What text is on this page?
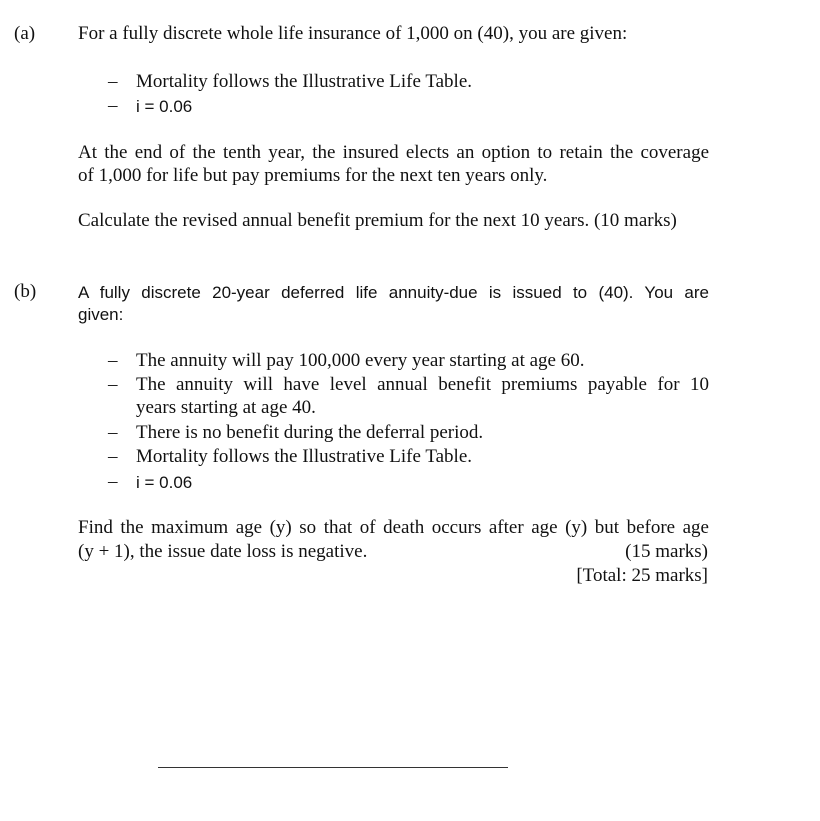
(a) For a fully discrete whole life insurance of 1,000 on (40), you are given:
– Mortality follows the Illustrative Life Table.
– i = 0.06
At the end of the tenth year, the insured elects an option to retain the coverage
of 1,000 for life but pay premiums for the next ten years only.
Calculate the revised annual benefit premium for the next 10 years. (10 marks)
(b) A fully discrete 20-year deferred life annuity-due is issued to (40). You are
given:
– The annuity will pay 100,000 every year starting at age 60.
– The annuity will have level annual benefit premiums payable for 10
years starting at age 40.
– There is no benefit during the deferral period.
– Mortality follows the Illustrative Life Table.
– i = 0.06
Find the maximum age (y) so that of death occurs after age (y) but before age
(y + 1), the issue date loss is negative.	(15 marks)
[Total: 25 marks]
